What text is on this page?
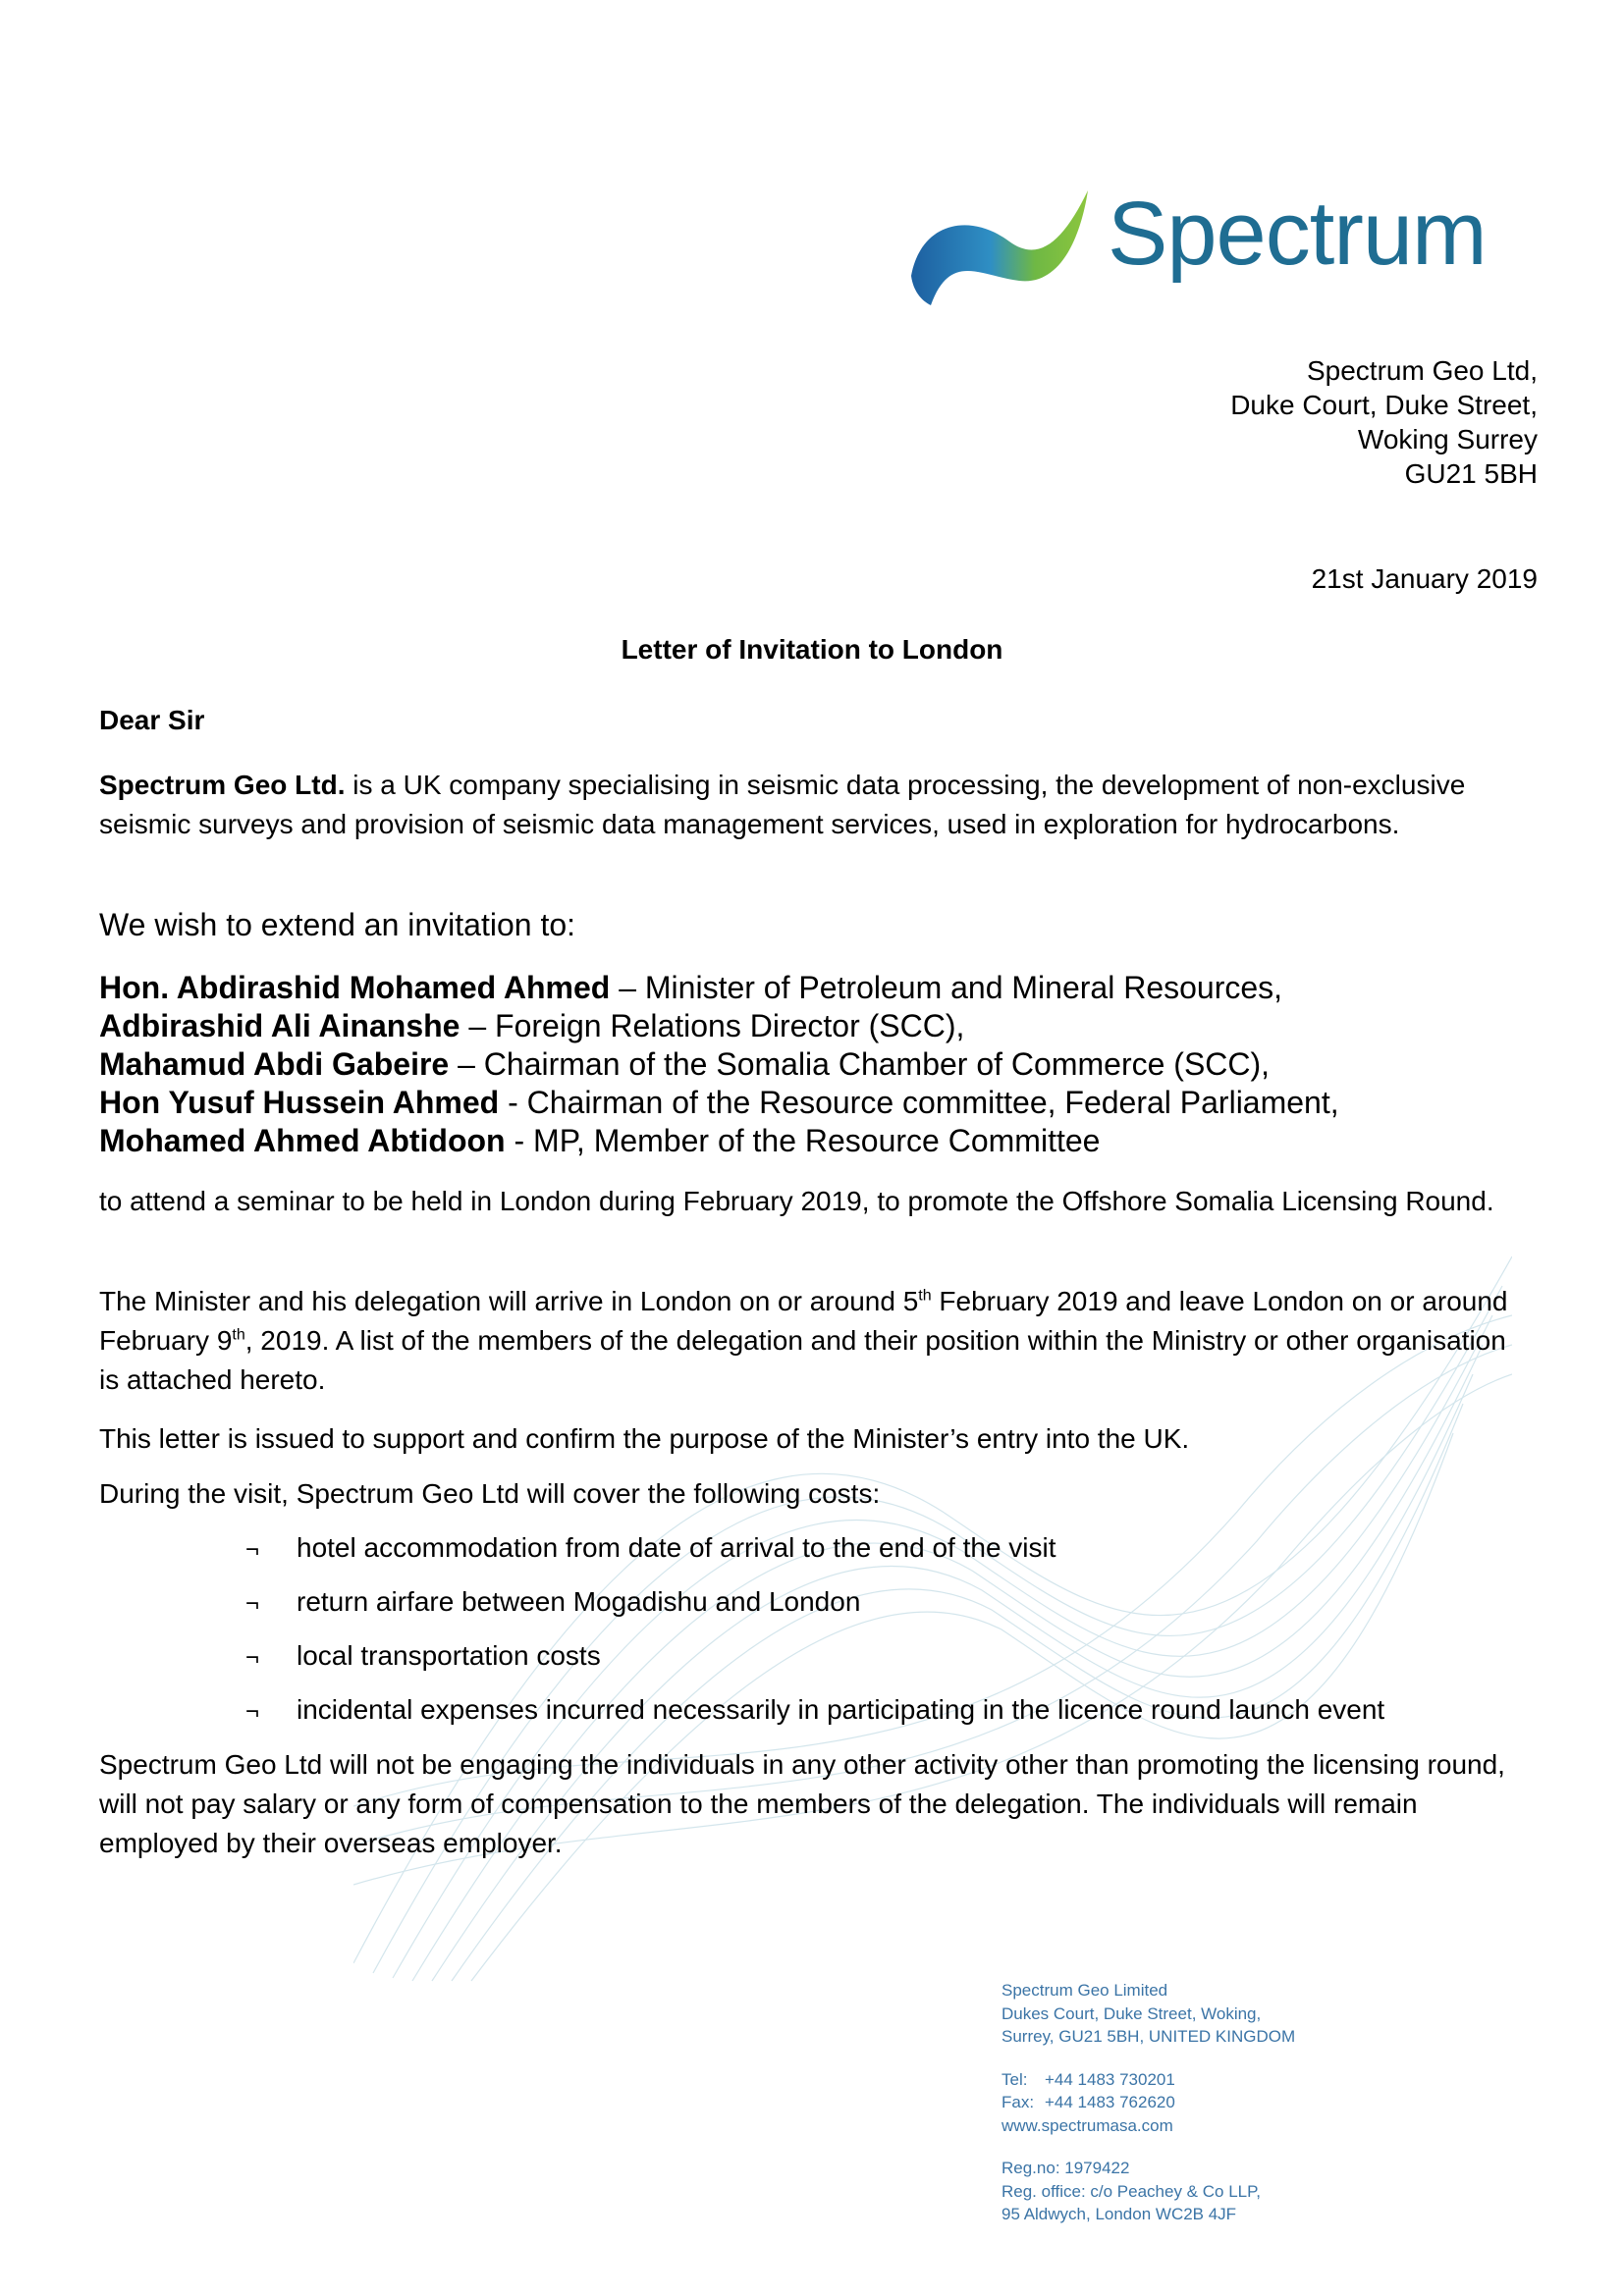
Spectrum
Spectrum Geo Ltd,
Duke Court, Duke Street,
Woking Surrey
GU21 5BH
21st January 2019
Letter of Invitation to London
Dear Sir
Spectrum Geo Ltd. is a UK company specialising in seismic data processing, the development of non-exclusive seismic surveys and provision of seismic data management services, used in exploration for hydrocarbons.
We wish to extend an invitation to:
Hon. Abdirashid Mohamed Ahmed – Minister of Petroleum and Mineral Resources,
Adbirashid Ali Ainanshe – Foreign Relations Director (SCC),
Mahamud Abdi Gabeire – Chairman of the Somalia Chamber of Commerce (SCC),
Hon Yusuf Hussein Ahmed - Chairman of the Resource committee, Federal Parliament,
Mohamed Ahmed Abtidoon - MP, Member of the Resource Committee
to attend a seminar to be held in London during February 2019, to promote the Offshore Somalia Licensing Round.
The Minister and his delegation will arrive in London on or around 5th February 2019 and leave London on or around February 9th, 2019. A list of the members of the delegation and their position within the Ministry or other organisation is attached hereto.
This letter is issued to support and confirm the purpose of the Minister’s entry into the UK.
During the visit, Spectrum Geo Ltd will cover the following costs:
¬ hotel accommodation from date of arrival to the end of the visit
¬ return airfare between Mogadishu and London
¬ local transportation costs
¬ incidental expenses incurred necessarily in participating in the licence round launch event
Spectrum Geo Ltd will not be engaging the individuals in any other activity other than promoting the licensing round, will not pay salary or any form of compensation to the members of the delegation. The individuals will remain employed by their overseas employer.
Spectrum Geo Limited
Dukes Court, Duke Street, Woking,
Surrey, GU21 5BH, UNITED KINGDOM
Tel: +44 1483 730201
Fax: +44 1483 762620
www.spectrumasa.com
Reg.no: 1979422
Reg. office: c/o Peachey & Co LLP,
95 Aldwych, London WC2B 4JF
